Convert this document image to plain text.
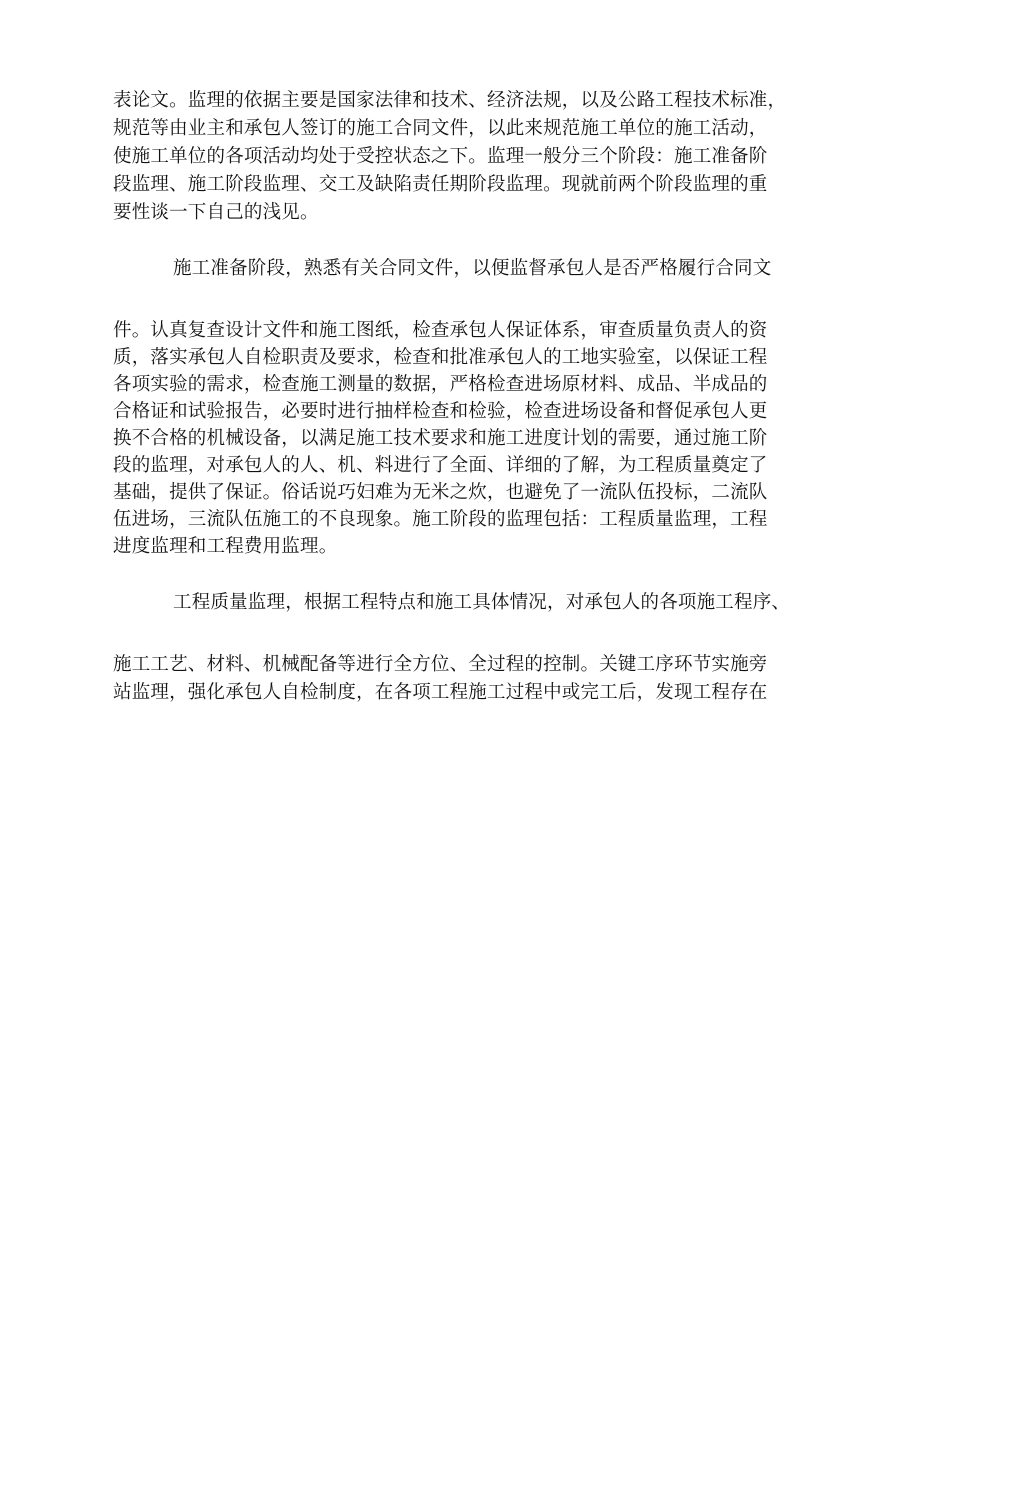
表论文。监理的依据主要是国家法律和技术、经济法规，以及公路工程技术标准，
规范等由业主和承包人签订的施工合同文件，以此来规范施工单位的施工活动，
使施工单位的各项活动均处于受控状态之下。监理一般分三个阶段：施工准备阶
段监理、施工阶段监理、交工及缺陷责任期阶段监理。现就前两个阶段监理的重
要性谈一下自己的浅见。
施工准备阶段，熟悉有关合同文件，以便监督承包人是否严格履行合同文
件。认真复查设计文件和施工图纸，检查承包人保证体系，审查质量负责人的资
质，落实承包人自检职责及要求，检查和批准承包人的工地实验室，以保证工程
各项实验的需求，检查施工测量的数据，严格检查进场原材料、成品、半成品的
合格证和试验报告，必要时进行抽样检查和检验，检查进场设备和督促承包人更
换不合格的机械设备，以满足施工技术要求和施工进度计划的需要，通过施工阶
段的监理，对承包人的人、机、料进行了全面、详细的了解，为工程质量奠定了
基础，提供了保证。俗话说巧妇难为无米之炊，也避免了一流队伍投标，二流队
伍进场，三流队伍施工的不良现象。施工阶段的监理包括：工程质量监理，工程
进度监理和工程费用监理。
工程质量监理，根据工程特点和施工具体情况，对承包人的各项施工程序、
施工工艺、材料、机械配备等进行全方位、全过程的控制。关键工序环节实施旁
站监理，强化承包人自检制度，在各项工程施工过程中或完工后，发现工程存在
